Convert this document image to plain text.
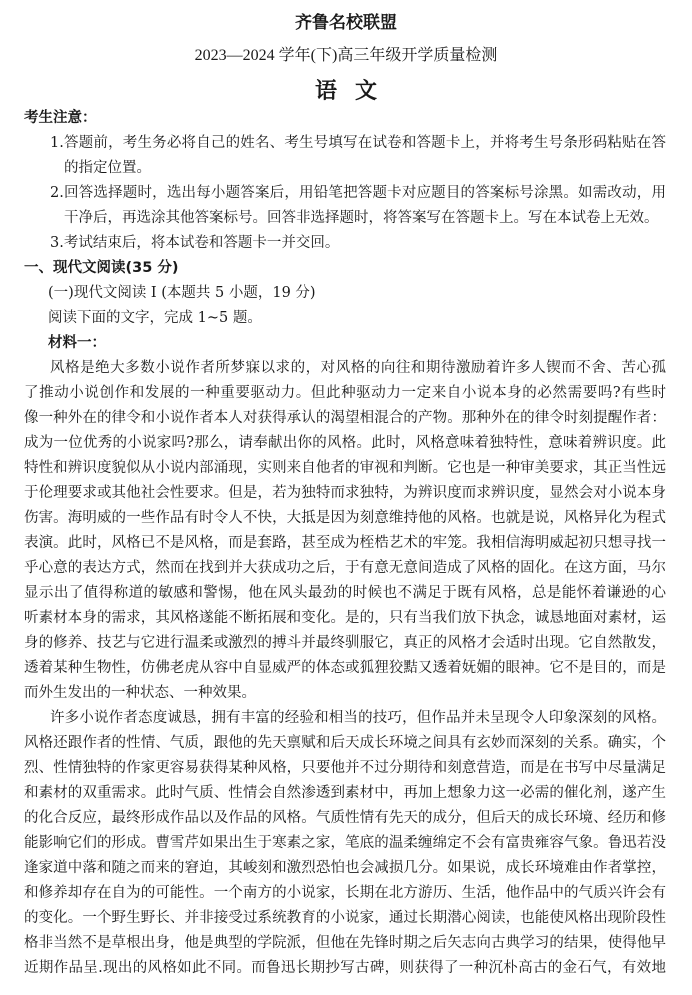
齐鲁名校联盟
2023—2024 学年(下)高三年级开学质量检测
语文
考生注意：
1.答题前，考生务必将自己的姓名、考生号填写在试卷和答题卡上，并将考生号条形码粘贴在答
的指定位置。
2.回答选择题时，选出每小题答案后，用铅笔把答题卡对应题目的答案标号涂黑。如需改动，用
干净后，再选涂其他答案标号。回答非选择题时，将答案写在答题卡上。写在本试卷上无效。
3.考试结束后，将本试卷和答题卡一并交回。
一、现代文阅读(35 分)
(一)现代文阅读 I (本题共 5 小题，19 分)
阅读下面的文字，完成 1~5 题。
材料一：
风格是绝大多数小说作者所梦寐以求的，对风格的向往和期待激励着许多人锲而不舍、苦心孤
了推动小说创作和发展的一种重要驱动力。但此种驱动力一定来自小说本身的必然需要吗?有些时
像一种外在的律令和小说作者本人对获得承认的渴望相混合的产物。那种外在的律令时刻提醒作者：
成为一位优秀的小说家吗?那么，请奉献出你的风格。此时，风格意味着独特性，意味着辨识度。此
特性和辨识度貌似从小说内部涌现，实则来自他者的审视和判断。它也是一种审美要求，其正当性远
于伦理要求或其他社会性要求。但是，若为独特而求独特，为辨识度而求辨识度，显然会对小说本身
伤害。海明威的一些作品有时令人不快，大抵是因为刻意维持他的风格。也就是说，风格异化为程式
表演。此时，风格已不是风格，而是套路，甚至成为桎梏艺术的牢笼。我相信海明威起初只想寻找一
乎心意的表达方式，然而在找到并大获成功之后，于有意无意间造成了风格的固化。在这方面，马尔
显示出了值得称道的敏感和警惕，他在风头最劲的时候也不满足于既有风格，总是能怀着谦逊的心
听素材本身的需求，其风格遂能不断拓展和变化。是的，只有当我们放下执念，诚恳地面对素材，运
身的修养、技艺与它进行温柔或激烈的搏斗并最终驯服它，真正的风格才会适时出现。它自然散发，
透着某种生物性，仿佛老虎从容中自显威严的体态或狐狸狡黠又透着妩媚的眼神。它不是目的，而是
而外生发出的一种状态、一种效果。
许多小说作者态度诚恳，拥有丰富的经验和相当的技巧，但作品并未呈现令人印象深刻的风格。
风格还跟作者的性情、气质，跟他的先天禀赋和后天成长环境之间具有玄妙而深刻的关系。确实，个
烈、性情独特的作家更容易获得某种风格，只要他并不过分期待和刻意营造，而是在书写中尽量满足
和素材的双重需求。此时气质、性情会自然渗透到素材中，再加上想象力这一必需的催化剂，遂产生
的化合反应，最终形成作品以及作品的风格。气质性情有先天的成分，但后天的成长环境、经历和修
能影响它们的形成。曹雪芹如果出生于寒素之家，笔底的温柔缠绵定不会有富贵雍容气象。鲁迅若没
逢家道中落和随之而来的窘迫，其峻刻和激烈恐怕也会减损几分。如果说，成长环境难由作者掌控，
和修养却存在自为的可能性。一个南方的小说家，长期在北方游历、生活，他作品中的气质兴许会有
的变化。一个野生野长、并非接受过系统教育的小说家，通过长期潜心阅读，也能使风格出现阶段性
格非当然不是草根出身，他是典型的学院派，但他在先锋时期之后矢志向古典学习的结果，使得他早
近期作品呈.现出的风格如此不同。而鲁迅长期抄写古碑，则获得了一种沉朴高古的金石气，有效地
